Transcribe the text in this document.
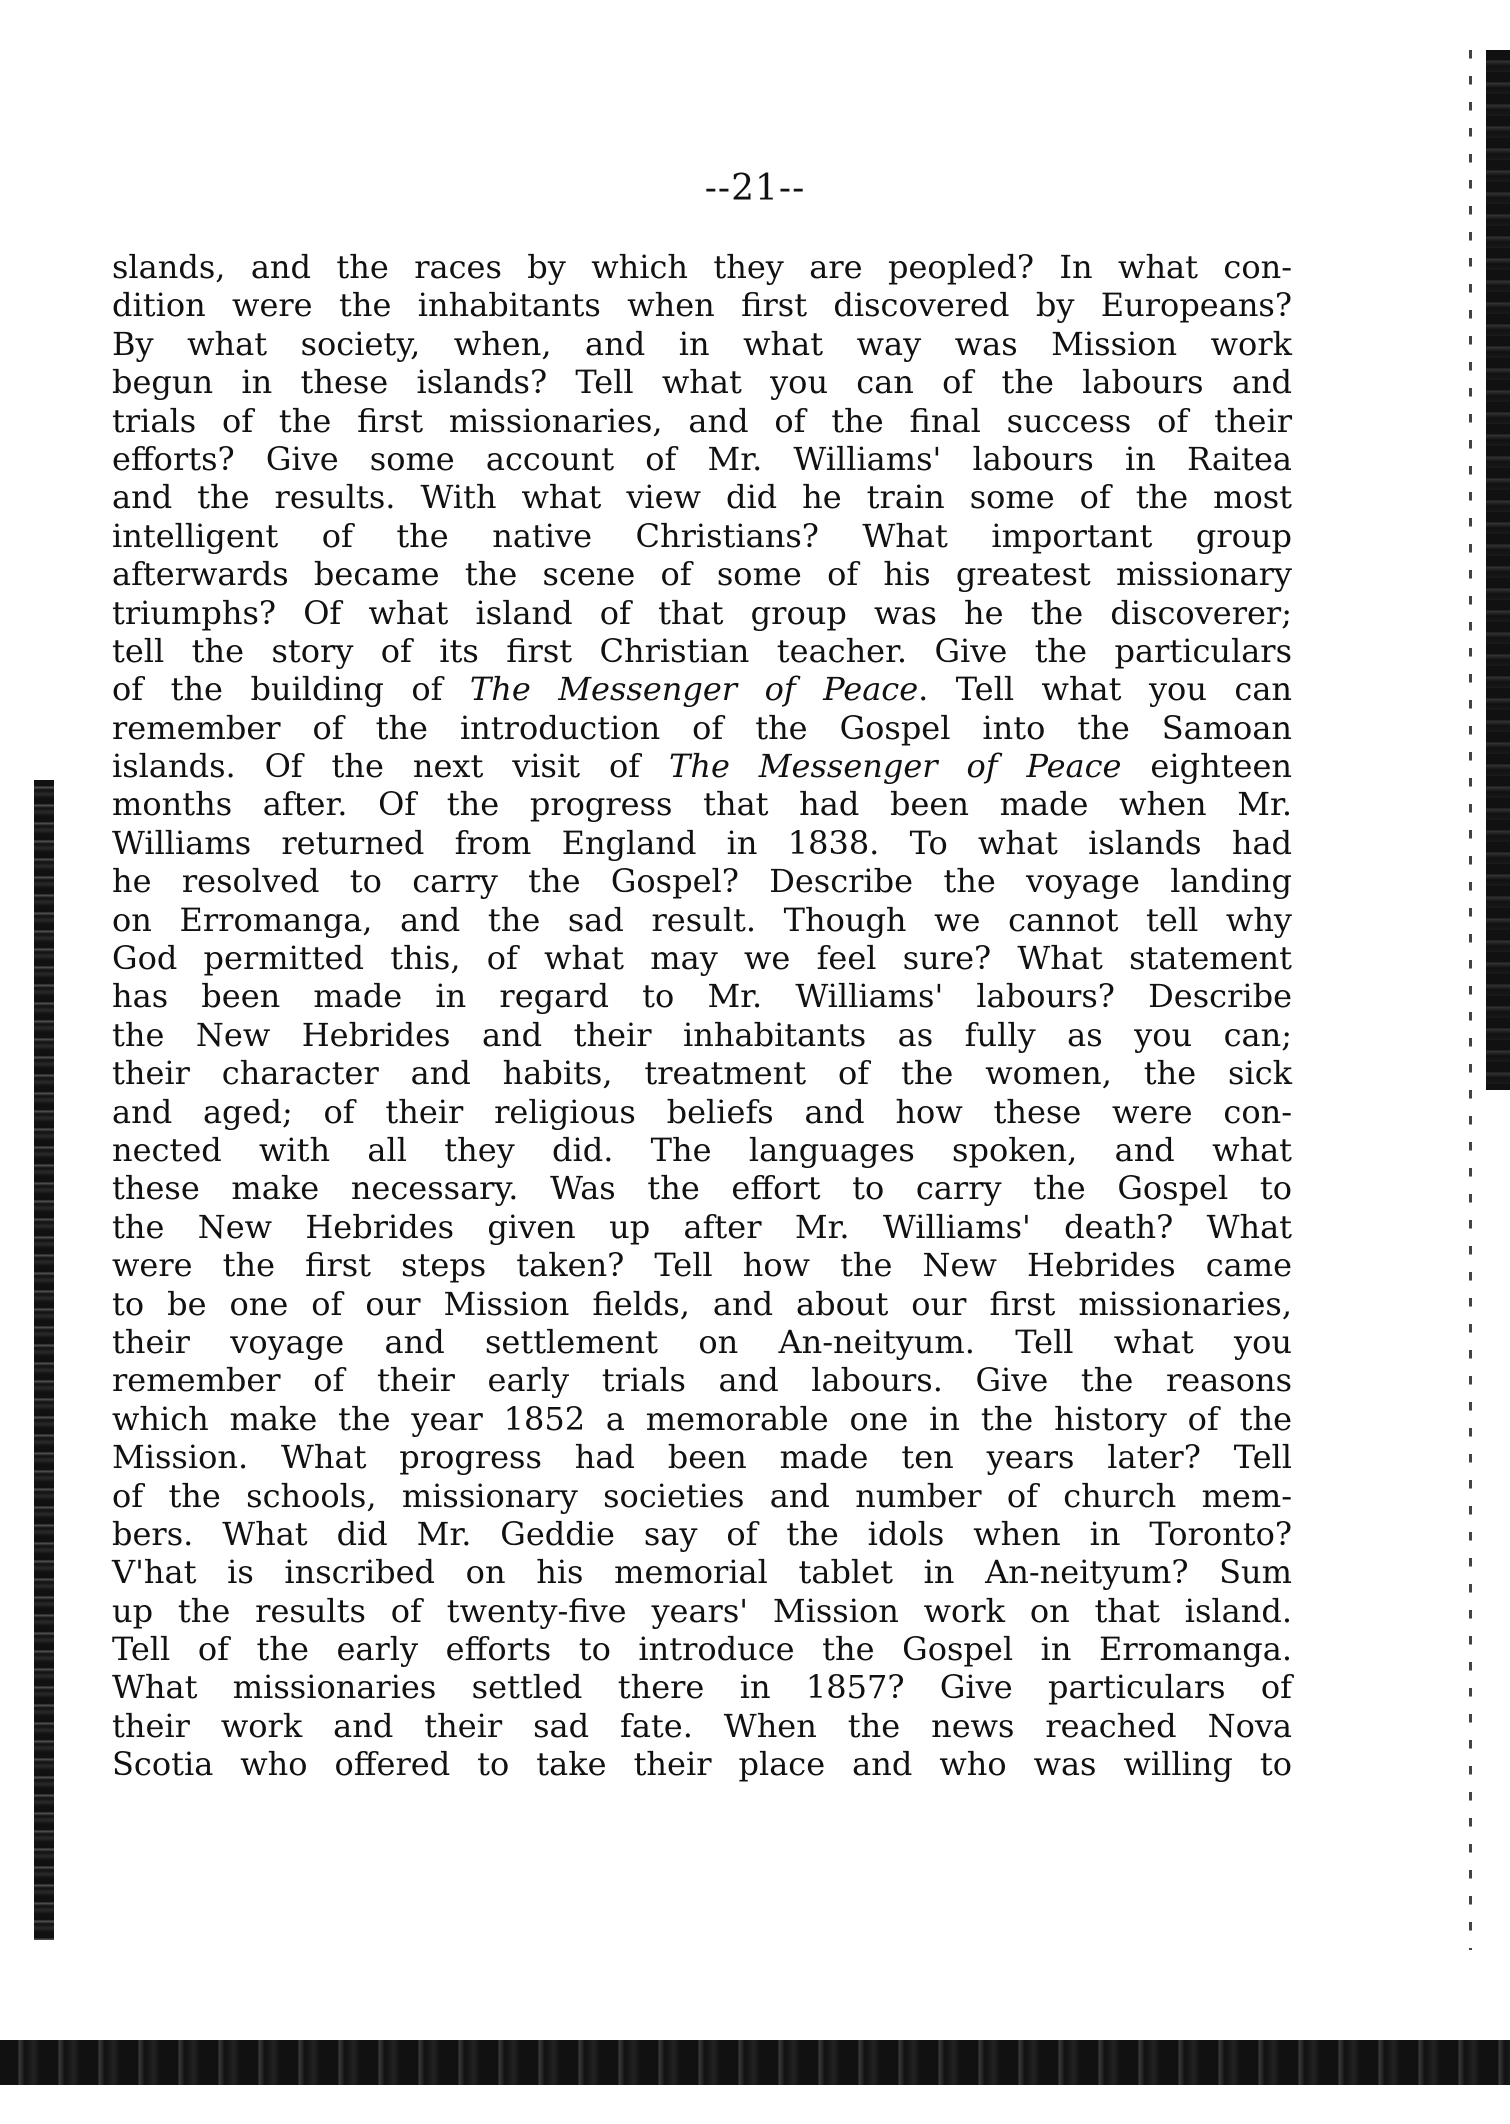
--21--
slands, and the races by which they are peopled? In what con-
dition were the inhabitants when first discovered by Europeans?
By what society, when, and in what way was Mission work
begun in these islands? Tell what you can of the labours and
trials of the first missionaries, and of the final success of their
efforts? Give some account of Mr. Williams' labours in Raitea
and the results. With what view did he train some of the most
intelligent of the native Christians? What important group
afterwards became the scene of some of his greatest missionary
triumphs? Of what island of that group was he the discoverer;
tell the story of its first Christian teacher. Give the particulars
of the building of The Messenger of Peace. Tell what you can
remember of the introduction of the Gospel into the Samoan
islands. Of the next visit of The Messenger of Peace eighteen
months after. Of the progress that had been made when Mr.
Williams returned from England in 1838. To what islands had
he resolved to carry the Gospel? Describe the voyage landing
on Erromanga, and the sad result. Though we cannot tell why
God permitted this, of what may we feel sure? What statement
has been made in regard to Mr. Williams' labours? Describe
the New Hebrides and their inhabitants as fully as you can;
their character and habits, treatment of the women, the sick
and aged; of their religious beliefs and how these were con-
nected with all they did. The languages spoken, and what
these make necessary. Was the effort to carry the Gospel to
the New Hebrides given up after Mr. Williams' death? What
were the first steps taken? Tell how the New Hebrides came
to be one of our Mission fields, and about our first missionaries,
their voyage and settlement on An-neityum. Tell what you
remember of their early trials and labours. Give the reasons
which make the year 1852 a memorable one in the history of the
Mission. What progress had been made ten years later? Tell
of the schools, missionary societies and number of church mem-
bers. What did Mr. Geddie say of the idols when in Toronto?
V'hat is inscribed on his memorial tablet in An-neityum? Sum
up the results of twenty-five years' Mission work on that island.
Tell of the early efforts to introduce the Gospel in Erromanga.
What missionaries settled there in 1857? Give particulars of
their work and their sad fate. When the news reached Nova
Scotia who offered to take their place and who was willing to
